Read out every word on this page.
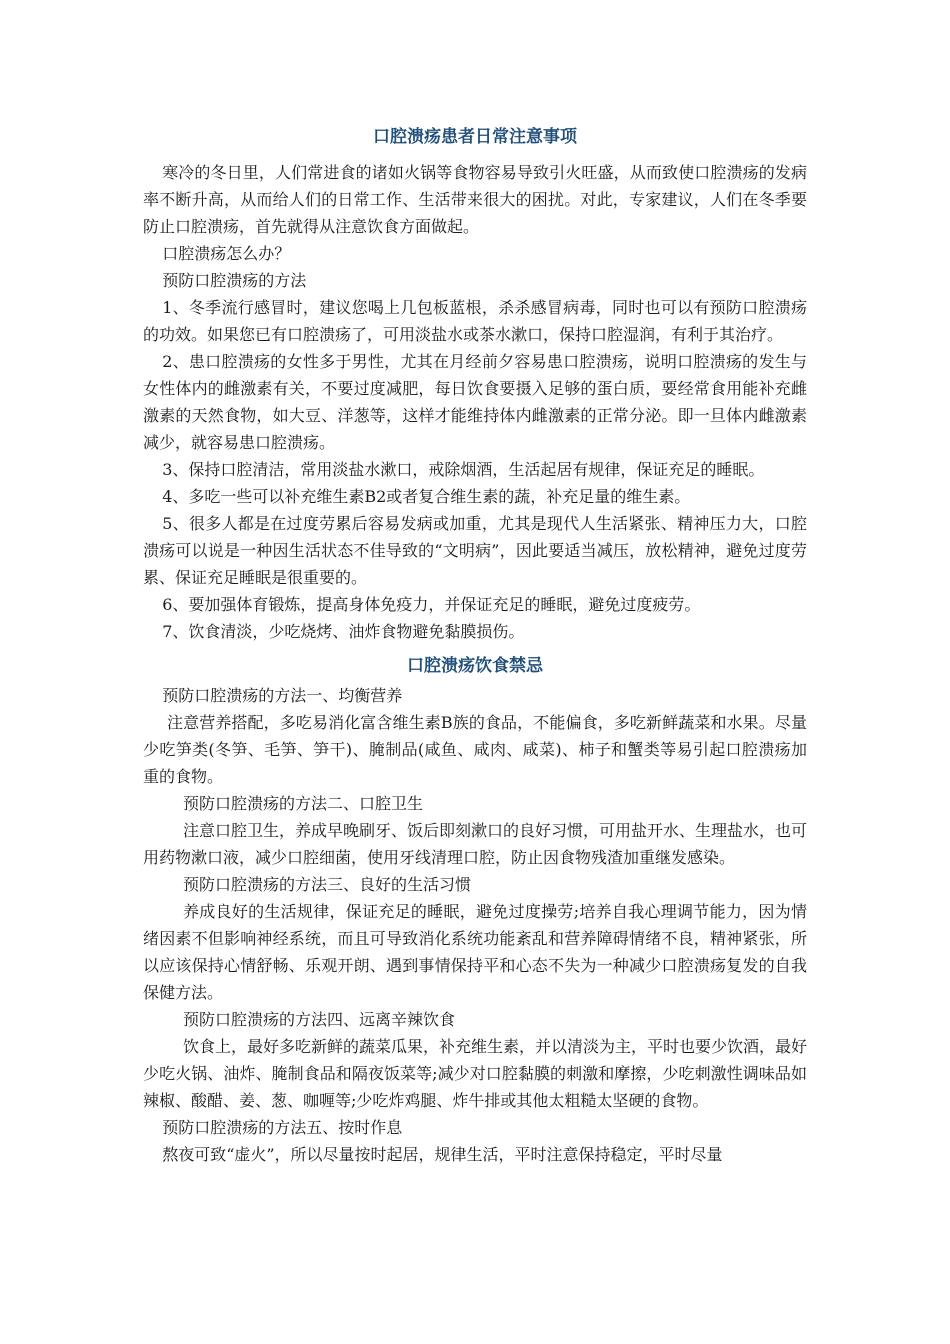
口腔溃疡患者日常注意事项

寒冷的冬日里，人们常进食的诸如火锅等食物容易导致引火旺盛，从而致使口腔溃疡的发病率不断升高，从而给人们的日常工作、生活带来很大的困扰。对此，专家建议，人们在冬季要防止口腔溃疡，首先就得从注意饮食方面做起。

口腔溃疡怎么办？

预防口腔溃疡的方法

1、冬季流行感冒时，建议您喝上几包板蓝根，杀杀感冒病毒，同时也可以有预防口腔溃疡的功效。如果您已有口腔溃疡了，可用淡盐水或茶水漱口，保持口腔湿润，有利于其治疗。

2、患口腔溃疡的女性多于男性，尤其在月经前夕容易患口腔溃疡，说明口腔溃疡的发生与女性体内的雌激素有关，不要过度减肥，每日饮食要摄入足够的蛋白质，要经常食用能补充雌激素的天然食物，如大豆、洋葱等，这样才能维持体内雌激素的正常分泌。即一旦体内雌激素减少，就容易患口腔溃疡。

3、保持口腔清洁，常用淡盐水漱口，戒除烟酒，生活起居有规律，保证充足的睡眠。

4、多吃一些可以补充维生素B2或者复合维生素的蔬，补充足量的维生素。

5、很多人都是在过度劳累后容易发病或加重，尤其是现代人生活紧张、精神压力大，口腔溃疡可以说是一种因生活状态不佳导致的“文明病”，因此要适当减压，放松精神，避免过度劳累、保证充足睡眠是很重要的。

6、要加强体育锻炼，提高身体免疫力，并保证充足的睡眠，避免过度疲劳。

7、饮食清淡，少吃烧烤、油炸食物避免黏膜损伤。

口腔溃疡饮食禁忌

预防口腔溃疡的方法一、均衡营养

注意营养搭配，多吃易消化富含维生素B族的食品，不能偏食，多吃新鲜蔬菜和水果。尽量少吃笋类(冬笋、毛笋、笋干)、腌制品(咸鱼、咸肉、咸菜)、柿子和蟹类等易引起口腔溃疡加重的食物。

预防口腔溃疡的方法二、口腔卫生

注意口腔卫生，养成早晚刷牙、饭后即刻漱口的良好习惯，可用盐开水、生理盐水，也可用药物漱口液，减少口腔细菌，使用牙线清理口腔，防止因食物残渣加重继发感染。

预防口腔溃疡的方法三、良好的生活习惯

养成良好的生活规律，保证充足的睡眠，避免过度操劳;培养自我心理调节能力，因为情绪因素不但影响神经系统，而且可导致消化系统功能紊乱和营养障碍情绪不良，精神紧张，所以应该保持心情舒畅、乐观开朗、遇到事情保持平和心态不失为一种减少口腔溃疡复发的自我保健方法。

预防口腔溃疡的方法四、远离辛辣饮食

饮食上，最好多吃新鲜的蔬菜瓜果，补充维生素，并以清淡为主，平时也要少饮酒，最好少吃火锅、油炸、腌制食品和隔夜饭菜等;减少对口腔黏膜的刺激和摩擦，少吃刺激性调味品如辣椒、酸醋、姜、葱、咖喱等;少吃炸鸡腿、炸牛排或其他太粗糙太坚硬的食物。

预防口腔溃疡的方法五、按时作息

熬夜可致“虚火”，所以尽量按时起居，规律生活，平时注意保持稳定，平时尽量
